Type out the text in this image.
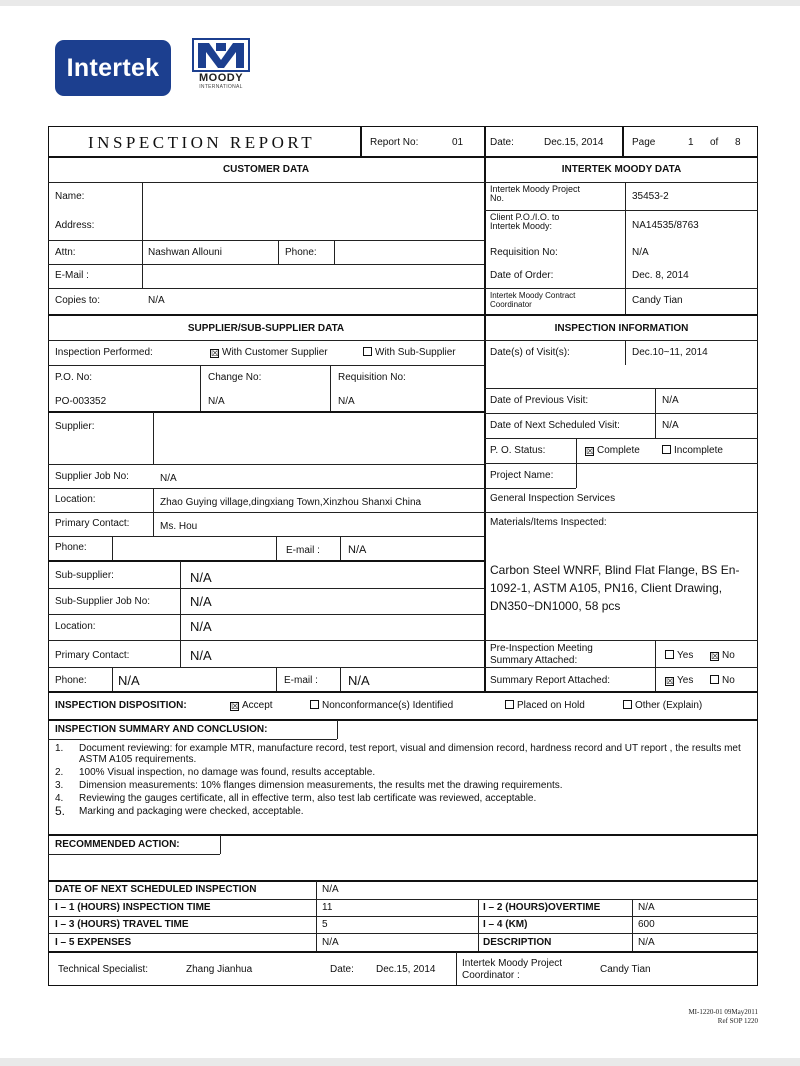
Intertek	MOODY
INTERNATIONAL
INSPECTION REPORT	Report No:	01	Date:	Dec.15, 2014	Page	1 of 8
CUSTOMER DATA	INTERTEK MOODY DATA
Name:
Address:
Attn:	Nashwan Allouni	Phone:
E-Mail :
Copies to:	N/A
Intertek Moody Project
No.	35453-2
Client P.O./I.O. to
Intertek Moody:	NA14535/8763
Requisition No:	N/A
Date of Order:	Dec. 8, 2014
Intertek Moody Contract
Coordinator	Candy Tian
SUPPLIER/SUB-SUPPLIER DATA	INSPECTION INFORMATION
Inspection Performed:	☒ With Customer Supplier	With Sub-Supplier
P.O. No:	Change No:	Requisition No:
PO-003352	N/A	N/A
Supplier:
Supplier Job No:	N/A
Location:	Zhao Guying village,dingxiang Town,Xinzhou Shanxi China
Primary Contact:	Ms. Hou
Phone:	E-mail :	N/A
Sub-supplier:	N/A
Sub-Supplier Job No:	N/A
Location:	N/A
Primary Contact:	N/A
Phone: N/A	E-mail : N/A
Date(s) of Visit(s):	Dec.10~11, 2014
Date of Previous Visit:	N/A
Date of Next Scheduled Visit:	N/A
P. O. Status:	☒ Complete	Incomplete
Project Name:
General Inspection Services
Materials/Items Inspected:
Carbon Steel WNRF, Blind Flat Flange, BS En-1092-1, ASTM A105, PN16, Client Drawing, DN350~DN1000, 58 pcs
Pre-Inspection Meeting
Summary Attached:	Yes ☒ No
Summary Report Attached:	☒ Yes	No
INSPECTION DISPOSITION:	☒ Accept	Nonconformance(s) Identified	Placed on Hold	Other (Explain)
INSPECTION SUMMARY AND CONCLUSION:
1.	Document reviewing: for example MTR, manufacture record, test report, visual and dimension record, hardness record and UT report , the results met ASTM A105 requirements.
2.	100% Visual inspection, no damage was found, results acceptable.
3.	Dimension measurements: 10% flanges dimension measurements, the results met the drawing requirements.
4.	Reviewing the gauges certificate, all in effective term, also test lab certificate was reviewed, acceptable.
5.	Marking and packaging were checked, acceptable.
RECOMMENDED ACTION:
DATE OF NEXT SCHEDULED INSPECTION	N/A
I – 1 (HOURS) INSPECTION TIME	11	I – 2 (HOURS)OVERTIME	N/A
I – 3 (HOURS) TRAVEL TIME	5	I – 4 (KM)	600
I – 5 EXPENSES	N/A	DESCRIPTION	N/A
Technical Specialist:	Zhang Jianhua	Date: Dec.15, 2014
Intertek Moody Project
Coordinator :
Candy Tian
MI-1220-01 09May2011
Ref SOP 1220
